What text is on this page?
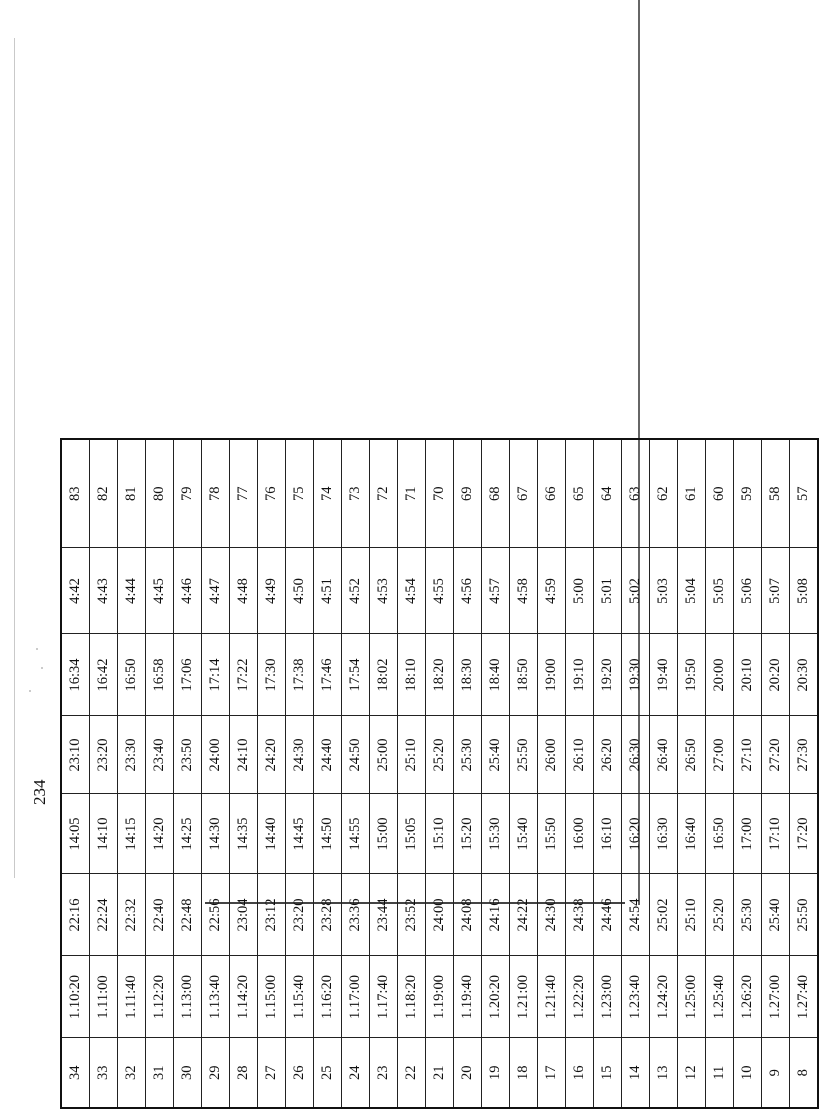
234
34	1.10:20	22:16	14:05	23:10	16:34	4:42	83
33	1.11:00	22:24	14:10	23:20	16:42	4:43	82
32	1.11:40	22:32	14:15	23:30	16:50	4:44	81
31	1.12:20	22:40	14:20	23:40	16:58	4:45	80
30	1.13:00	22:48	14:25	23:50	17:06	4:46	79
29	1.13:40	22:56	14:30	24:00	17:14	4:47	78
28	1.14:20	23:04	14:35	24:10	17:22	4:48	77
27	1.15:00	23:12	14:40	24:20	17:30	4:49	76
26	1.15:40	23:20	14:45	24:30	17:38	4:50	75
25	1.16:20	23:28	14:50	24:40	17:46	4:51	74
24	1.17:00	23:36	14:55	24:50	17:54	4:52	73
23	1.17:40	23:44	15:00	25:00	18:02	4:53	72
22	1.18:20	23:52	15:05	25:10	18:10	4:54	71
21	1.19:00	24:00	15:10	25:20	18:20	4:55	70
20	1.19:40	24:08	15:20	25:30	18:30	4:56	69
19	1.20:20	24:16	15:30	25:40	18:40	4:57	68
18	1.21:00	24:22	15:40	25:50	18:50	4:58	67
17	1.21:40	24:30	15:50	26:00	19:00	4:59	66
16	1.22:20	24:38	16:00	26:10	19:10	5:00	65
15	1.23:00	24:46	16:10	26:20	19:20	5:01	64
14	1.23:40	24:54	16:20	26:30	19:30	5:02	63
13	1.24:20	25:02	16:30	26:40	19:40	5:03	62
12	1.25:00	25:10	16:40	26:50	19:50	5:04	61
11	1.25:40	25:20	16:50	27:00	20:00	5:05	60
10	1.26:20	25:30	17:00	27:10	20:10	5:06	59
9	1.27:00	25:40	17:10	27:20	20:20	5:07	58
8	1.27:40	25:50	17:20	27:30	20:30	5:08	57
